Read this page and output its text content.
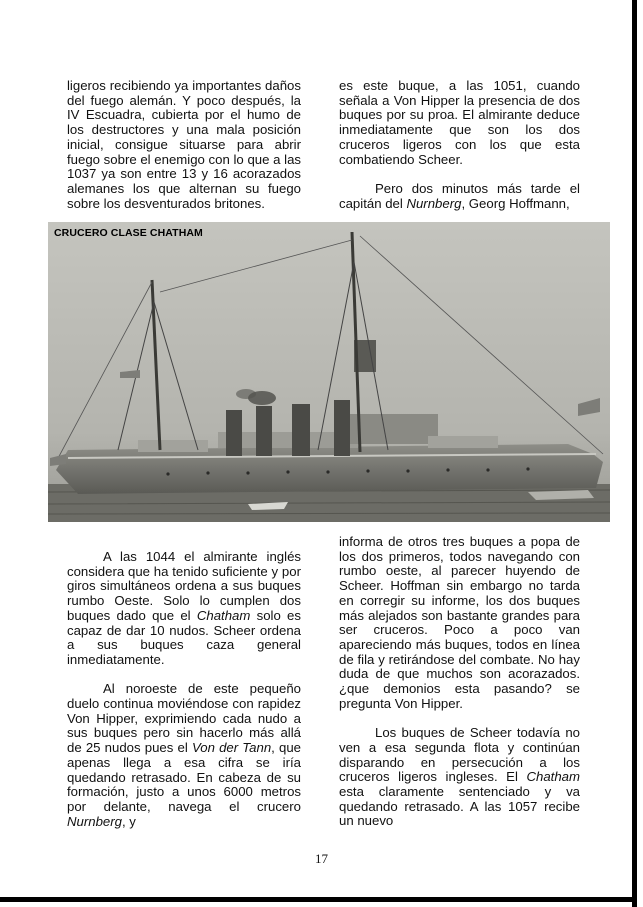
ligeros recibiendo ya importantes daños del fuego alemán. Y poco después, la IV Escuadra, cubierta por el humo de los destructores y una mala posición inicial, consigue situarse para abrir fuego sobre el enemigo con lo que a las 1037 ya son entre 13 y 16 acorazados alemanes los que alternan su fuego sobre los desventurados britones.

es este buque, a las 1051, cuando señala a Von Hipper la presencia de dos buques por su proa. El almirante deduce inmediatamente que son los dos cruceros ligeros con los que esta combatiendo Scheer.

Pero dos minutos más tarde el capitán del Nurnberg, Georg Hoffmann,

CRUCERO CLASE CHATHAM

A las 1044 el almirante inglés considera que ha tenido suficiente y por giros simultáneos ordena a sus buques rumbo Oeste. Solo lo cumplen dos buques dado que el Chatham solo es capaz de dar 10 nudos. Scheer ordena a sus buques caza general inmediatamente.

Al noroeste de este pequeño duelo continua moviéndose con rapidez Von Hipper, exprimiendo cada nudo a sus buques pero sin hacerlo más allá de 25 nudos pues el Von der Tann, que apenas llega a esa cifra se iría quedando retrasado. En cabeza de su formación, justo a unos 6000 metros por delante, navega el crucero Nurnberg, y

informa de otros tres buques a popa de los dos primeros, todos navegando con rumbo oeste, al parecer huyendo de Scheer. Hoffman sin embargo no tarda en corregir su informe, los dos buques más alejados son bastante grandes para ser cruceros. Poco a poco van apareciendo más buques, todos en línea de fila y retirándose del combate. No hay duda de que muchos son acorazados. ¿que demonios esta pasando? se pregunta Von Hipper.

Los buques de Scheer todavía no ven a esa segunda flota y continúan disparando en persecución a los cruceros ligeros ingleses. El Chatham esta claramente sentenciado y va quedando retrasado. A las 1057 recibe un nuevo

17
